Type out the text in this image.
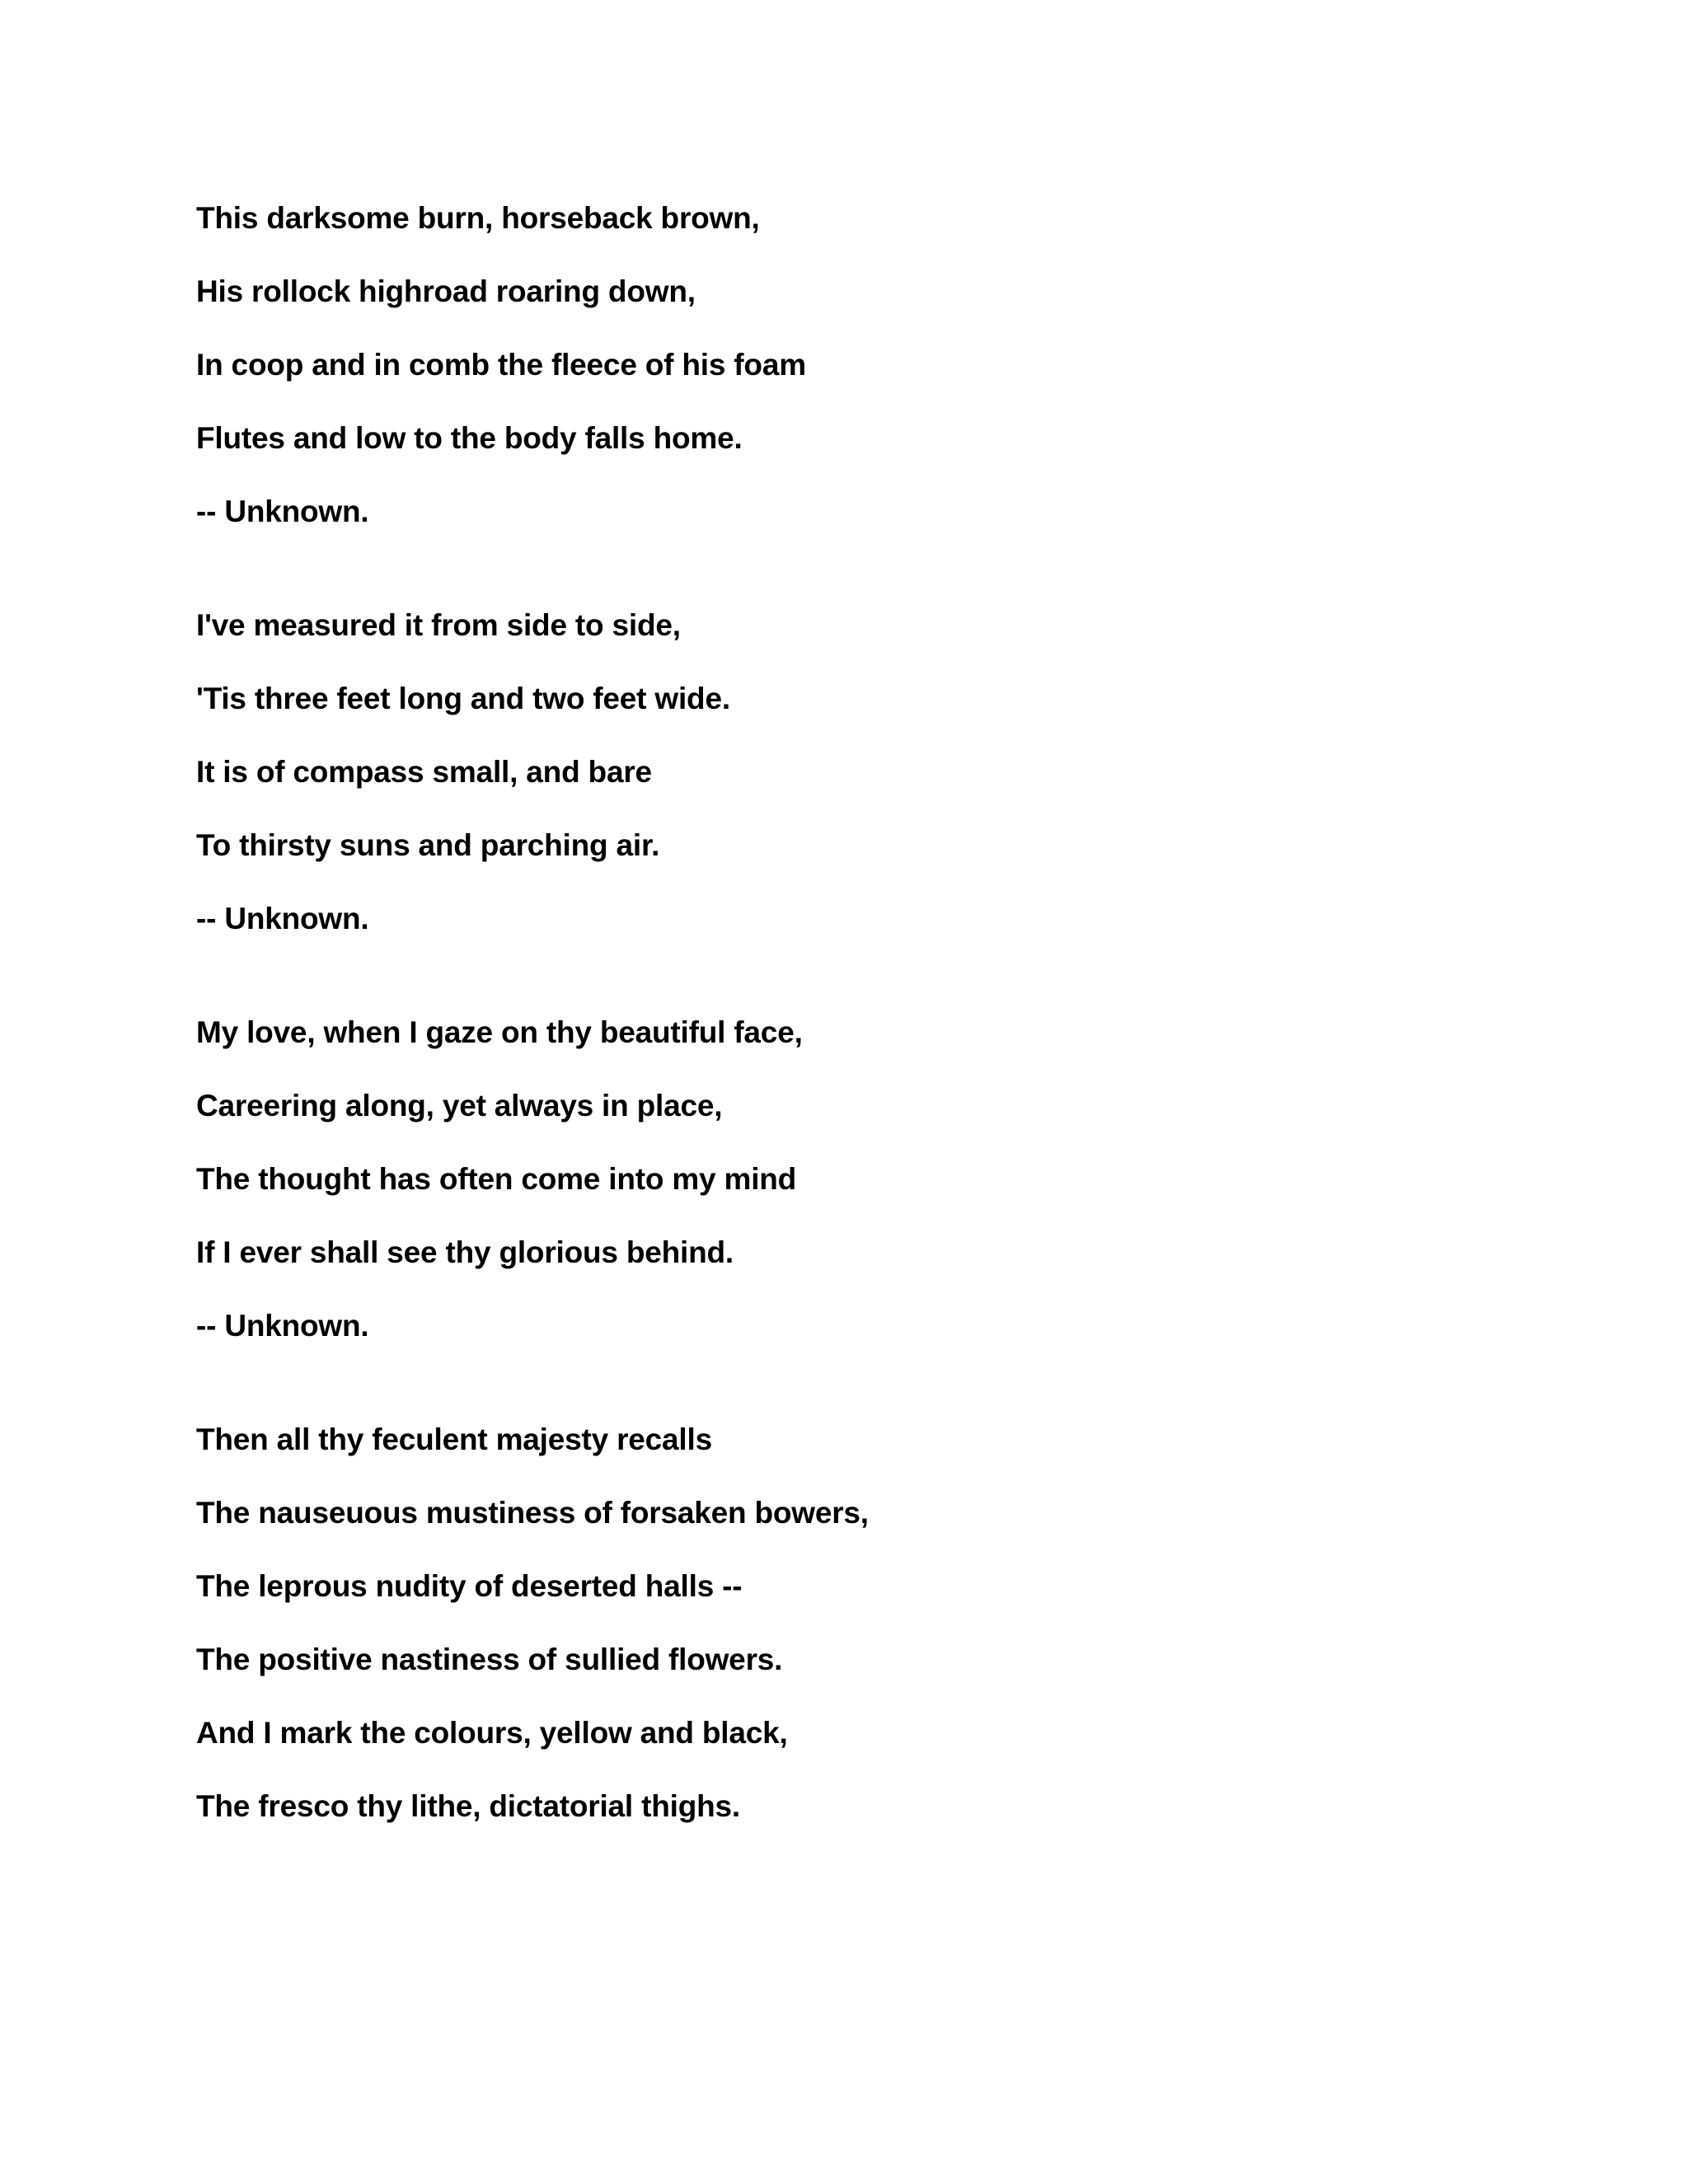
This darksome burn, horseback brown,
His rollock highroad roaring down,
In coop and in comb the fleece of his foam
Flutes and low to the body falls home.
-- Unknown.
I've measured it from side to side,
'Tis three feet long and two feet wide.
It is of compass small, and bare
To thirsty suns and parching air.
-- Unknown.
My love, when I gaze on thy beautiful face,
Careering along, yet always in place,
The thought has often come into my mind
If I ever shall see thy glorious behind.
-- Unknown.
Then all thy feculent majesty recalls
The nauseuous mustiness of forsaken bowers,
The leprous nudity of deserted halls --
The positive nastiness of sullied flowers.
And I mark the colours, yellow and black,
The fresco thy lithe, dictatorial thighs.
